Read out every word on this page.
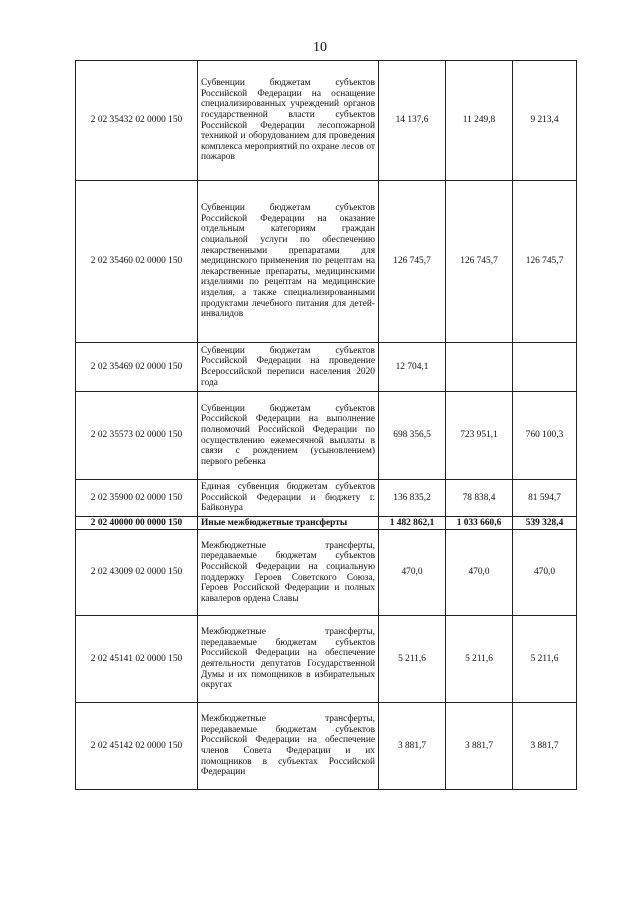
10
2 02 35432 02 0000 150	Субвенции бюджетам субъектов Российской Федерации на оснащение специализированных учреждений органов государственной власти субъектов Российской Федерации лесопожарной техникой и оборудованием для проведения комплекса мероприятий по охране лесов от пожаров	14 137,6	11 249,8	9 213,4
2 02 35460 02 0000 150	Субвенции бюджетам субъектов Российской Федерации на оказание отдельным категориям граждан социальной услуги по обеспечению лекарственными препаратами для медицинского применения по рецептам на лекарственные препараты, медицинскими изделиями по рецептам на медицинские изделия, а также специализированными продуктами лечебного питания для детей-инвалидов	126 745,7	126 745,7	126 745,7
2 02 35469 02 0000 150	Субвенции бюджетам субъектов Российской Федерации на проведение Всероссийской переписи населения 2020 года	12 704,1		
2 02 35573 02 0000 150	Субвенции бюджетам субъектов Российской Федерации на выполнение полномочий Российской Федерации по осуществлению ежемесячной выплаты в связи с рождением (усыновлением) первого ребенка	698 356,5	723 951,1	760 100,3
2 02 35900 02 0000 150	Единая субвенция бюджетам субъектов Российской Федерации и бюджету г. Байконура	136 835,2	78 838,4	81 594,7
2 02 40000 00 0000 150	Иные межбюджетные трансферты	1 482 862,1	1 033 660,6	539 328,4
2 02 43009 02 0000 150	Межбюджетные трансферты, передаваемые бюджетам субъектов Российской Федерации на социальную поддержку Героев Советского Союза, Героев Российской Федерации и полных кавалеров ордена Славы	470,0	470,0	470,0
2 02 45141 02 0000 150	Межбюджетные трансферты, передаваемые бюджетам субъектов Российской Федерации на обеспечение деятельности депутатов Государственной Думы и их помощников в избирательных округах	5 211,6	5 211,6	5 211,6
2 02 45142 02 0000 150	Межбюджетные трансферты, передаваемые бюджетам субъектов Российской Федерации на обеспечение членов Совета Федерации и их помощников в субъектах Российской Федерации	3 881,7	3 881,7	3 881,7
